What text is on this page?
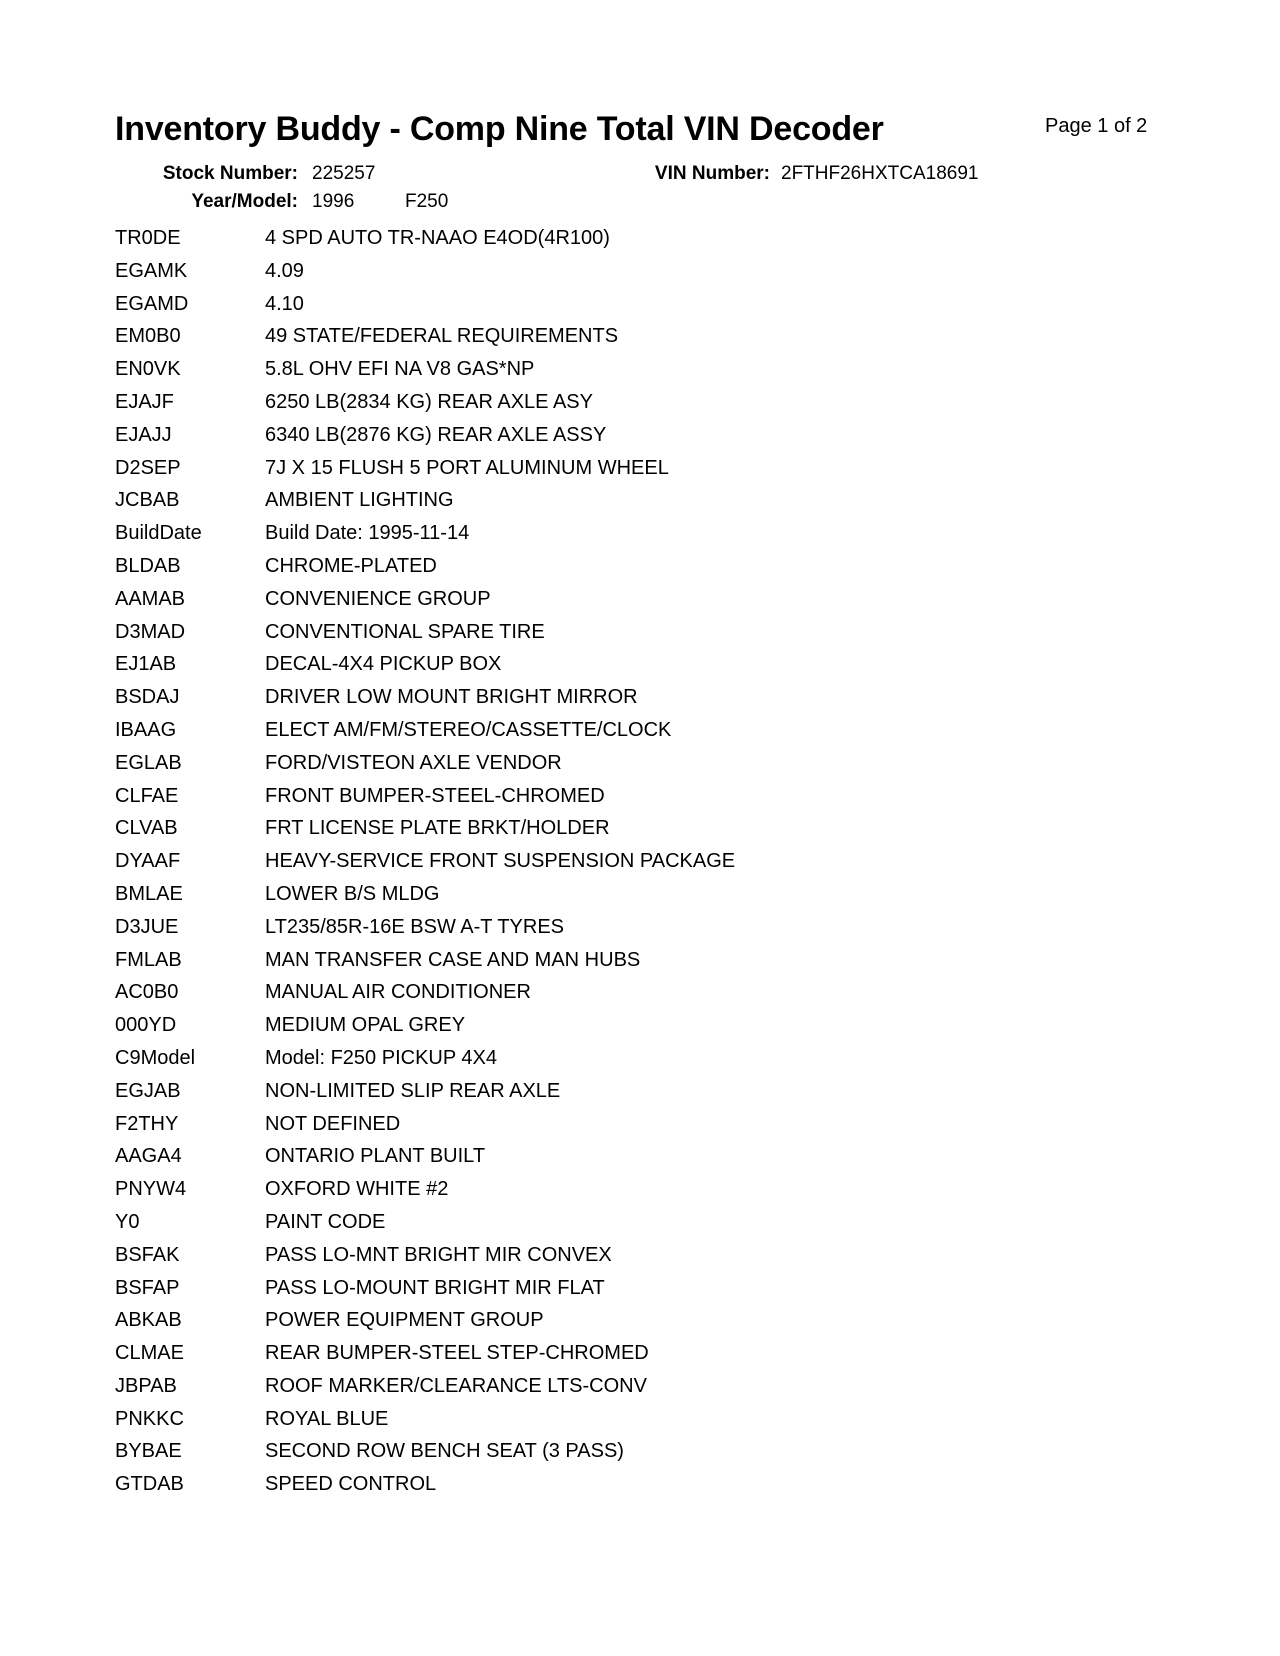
Inventory Buddy - Comp Nine Total VIN Decoder	Page 1 of 2
Stock Number: 225257	VIN Number: 2FTHF26HXTCA18691
Year/Model: 1996	F250
TR0DE	4 SPD AUTO TR-NAAO E4OD(4R100)
EGAMK	4.09
EGAMD	4.10
EM0B0	49 STATE/FEDERAL REQUIREMENTS
EN0VK	5.8L OHV EFI NA V8 GAS*NP
EJAJF	6250 LB(2834 KG) REAR AXLE ASY
EJAJJ	6340 LB(2876 KG) REAR AXLE ASSY
D2SEP	7J X 15 FLUSH 5 PORT ALUMINUM WHEEL
JCBAB	AMBIENT LIGHTING
BuildDate	Build Date: 1995-11-14
BLDAB	CHROME-PLATED
AAMAB	CONVENIENCE GROUP
D3MAD	CONVENTIONAL SPARE TIRE
EJ1AB	DECAL-4X4 PICKUP BOX
BSDAJ	DRIVER LOW MOUNT BRIGHT MIRROR
IBAAG	ELECT AM/FM/STEREO/CASSETTE/CLOCK
EGLAB	FORD/VISTEON AXLE VENDOR
CLFAE	FRONT BUMPER-STEEL-CHROMED
CLVAB	FRT LICENSE PLATE BRKT/HOLDER
DYAAF	HEAVY-SERVICE FRONT SUSPENSION PACKAGE
BMLAE	LOWER B/S MLDG
D3JUE	LT235/85R-16E BSW A-T TYRES
FMLAB	MAN TRANSFER CASE AND MAN HUBS
AC0B0	MANUAL AIR CONDITIONER
000YD	MEDIUM OPAL GREY
C9Model	Model: F250 PICKUP 4X4
EGJAB	NON-LIMITED SLIP REAR AXLE
F2THY	NOT DEFINED
AAGA4	ONTARIO PLANT BUILT
PNYW4	OXFORD WHITE #2
Y0	PAINT CODE
BSFAK	PASS LO-MNT BRIGHT MIR CONVEX
BSFAP	PASS LO-MOUNT BRIGHT MIR FLAT
ABKAB	POWER EQUIPMENT GROUP
CLMAE	REAR BUMPER-STEEL STEP-CHROMED
JBPAB	ROOF MARKER/CLEARANCE LTS-CONV
PNKKC	ROYAL BLUE
BYBAE	SECOND ROW BENCH SEAT (3 PASS)
GTDAB	SPEED CONTROL
